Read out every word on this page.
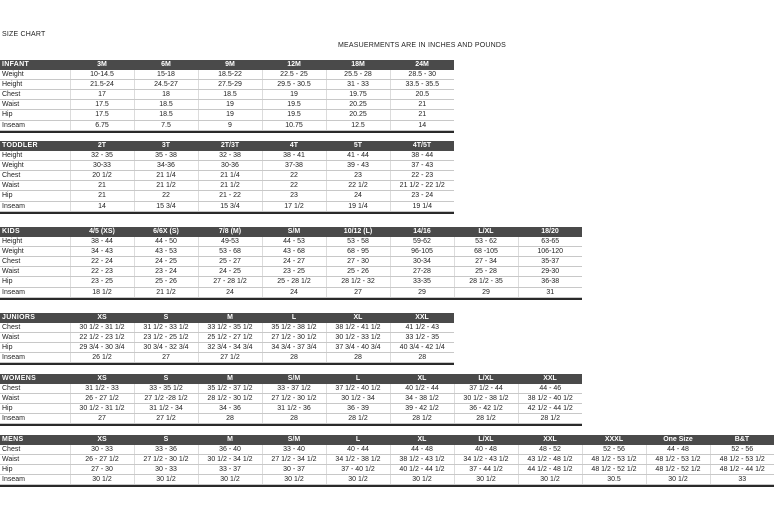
SIZE CHART
MEASUERMENTS ARE IN INCHES AND POUNDS
INFANT	3M	6M	9M	12M	18M	24M
Weight	10-14.5	15-18	18.5-22	22.5 - 25	25.5 - 28	28.5 - 30
Height	21.5-24	24.5-27	27.5-29	29.5 - 30.5	31 - 33	33.5 - 35.5
Chest	17	18	18.5	19	19.75	20.5
Waist	17.5	18.5	19	19.5	20.25	21
Hip	17.5	18.5	19	19.5	20.25	21
Inseam	6.75	7.5	9	10.75	12.5	14
TODDLER	2T	3T	2T/3T	4T	5T	4T/5T
Height	32 - 35	35 - 38	32 - 38	38 - 41	41 - 44	38 - 44
Weight	30-33	34-36	30-36	37-38	39 - 43	37 - 43
Chest	20 1/2	21 1/4	21 1/4	22	23	22 - 23
Waist	21	21 1/2	21 1/2	22	22 1/2	21 1/2 - 22 1/2
Hip	21	22	21 - 22	23	24	23 - 24
Inseam	14	15 3/4	15 3/4	17 1/2	19 1/4	19 1/4
KIDS	4/5 (XS)	6/6X (S)	7/8 (M)	S/M	10/12 (L)	14/16	L/XL	18/20
Height	38 - 44	44 - 50	49-53	44 - 53	53 - 58	59-62	53 - 62	63-65
Weight	34 - 43	43 - 53	53 - 68	43 - 68	68 - 95	96-105	68 -105	106-120
Chest	22 - 24	24 - 25	25 - 27	24 - 27	27 - 30	30-34	27 - 34	35-37
Waist	22 - 23	23 - 24	24 - 25	23 - 25	25 - 26	27-28	25 - 28	29-30
Hip	23 - 25	25 - 26	27 - 28 1/2	25 - 28 1/2	28 1/2 - 32	33-35	28 1/2 - 35	36-38
Inseam	18 1/2	21 1/2	24	24	27	29	29	31
JUNIORS	XS	S	M	L	XL	XXL
Chest	30 1/2 - 31 1/2	31 1/2 - 33 1/2	33 1/2 - 35 1/2	35 1/2 - 38 1/2	38 1/2 - 41 1/2	41 1/2 - 43
Waist	22 1/2 - 23 1/2	23 1/2 - 25 1/2	25 1/2 - 27 1/2	27 1/2 - 30 1/2	30 1/2 - 33 1/2	33 1/2 - 35
Hip	29 3/4 - 30 3/4	30 3/4 - 32 3/4	32 3/4 - 34 3/4	34 3/4 - 37 3/4	37 3/4 - 40 3/4	40 3/4 - 42 1/4
Inseam	26 1/2	27	27 1/2	28	28	28
WOMENS	XS	S	M	S/M	L	XL	L/XL	XXL
Chest	31 1/2 - 33	33 - 35 1/2	35 1/2 - 37 1/2	33 - 37 1/2	37 1/2 - 40 1/2	40 1/2 - 44	37 1/2 - 44	44 - 46
Waist	26 - 27 1/2	27 1/2 -28 1/2	28 1/2 - 30 1/2	27 1/2 - 30 1/2	30 1/2 - 34	34 - 38 1/2	30 1/2 - 38 1/2	38 1/2 - 40 1/2
Hip	30 1/2 - 31 1/2	31 1/2 - 34	34 - 36	31 1/2 - 36	36 - 39	39 - 42 1/2	36 - 42 1/2	42 1/2 - 44 1/2
Inseam	27	27 1/2	28	28	28 1/2	28 1/2	28 1/2	28 1/2
MENS	XS	S	M	S/M	L	XL	L/XL	XXL	XXXL	One Size	B&T
Chest	30 - 33	33 - 36	36 - 40	33 - 40	40 - 44	44 - 48	40 - 48	48 - 52	52 - 56	44 - 48	52 - 56
Waist	26 - 27 1/2	27 1/2 - 30 1/2	30 1/2 - 34 1/2	27 1/2 - 34 1/2	34 1/2 - 38 1/2	38 1/2 - 43 1/2	34 1/2 - 43 1/2	43 1/2 - 48 1/2	48 1/2 - 53 1/2	48 1/2 - 53 1/2	48 1/2 - 53 1/2
Hip	27 - 30	30 - 33	33 - 37	30 - 37	37 - 40 1/2	40 1/2 - 44 1/2	37 - 44 1/2	44 1/2 - 48 1/2	48 1/2 - 52 1/2	48 1/2 - 52 1/2	48 1/2 - 44 1/2
Inseam	30 1/2	30 1/2	30 1/2	30 1/2	30 1/2	30 1/2	30 1/2	30 1/2	30.5	30 1/2	33
